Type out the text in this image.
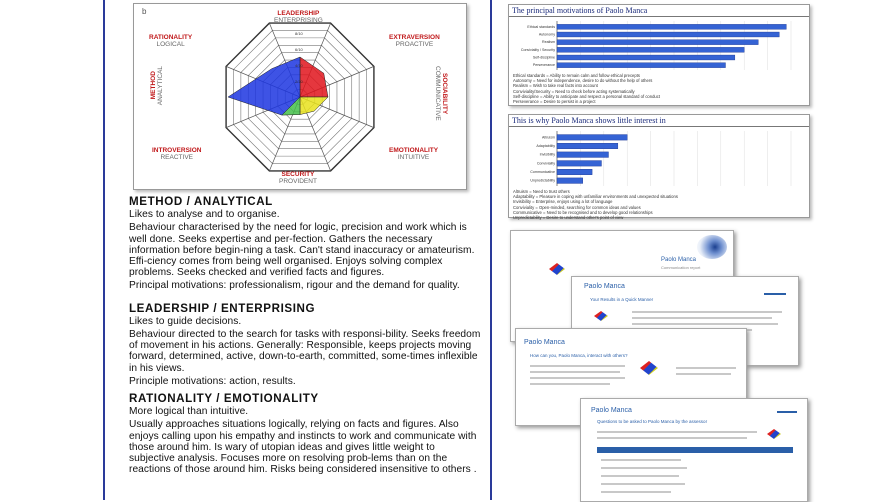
8/10
6/10
4/10
2/10
b	LEADERSHIP
ENTERPRISING
EXTRAVERSION
PROACTIVE
SOCIABILITY
COMMUNICATIVE
EMOTIONALITY
INTUITIVE
SECURITY
PROVIDENT
INTROVERSION
REACTIVE
METHOD ANALYTICAL
RATIONALITY
LOGICAL
METHOD / ANALYTICAL
Likes to analyse and to organise.
Behaviour characterised by the need for logic, precision and work which is well done. Seeks expertise and per-fection. Gathers the necessary information before begin-ning a task. Can't stand inaccuracy or amateurism. Effi-ciency comes from being well organised. Enjoys solving complex problems. Seeks checked and verified facts and figures.
Principal motivations: professionalism, rigour and the demand for quality.
LEADERSHIP / ENTERPRISING
Likes to guide decisions.
Behaviour directed to the search for tasks with responsi-bility. Seeks freedom of movement in his actions. Generally: Responsible, keeps projects moving forward, determined, active, down-to-earth, committed, some-times inflexible in his views.
Principle motivations: action, results.
RATIONALITY / EMOTIONALITY
More logical than intuitive.
Usually approaches situations logically, relying on facts and figures. Also enjoys calling upon his empathy and instincts to work and communicate with those around him. Is wary of utopian ideas and gives little weight to subjective analysis. Focuses more on resolving prob-lems than on the reactions of those around him. Risks being considered insensitive to others .
The principal motivations of Paolo Manca
Ethical standards
Autonomy
Realism
Conviviality / Security
Self-discipline
Perseverance
Ethical standards = Ability to remain calm and follow ethical precepts
Autonomy = Need for independence, desire to do without the help of others
Realism = Wish to take real facts into account
Conviviality/Security = Need to check before acting systematically
Self-discipline = Ability to anticipate and respect a personal standard of conduct
Perseverance = Desire to persist in a project
This is why Paolo Manca shows little interest in
Altruism
Adaptability
Invisibility
Conviviality
Communicative
Unpredictability
Altruism = Need to trust others
Adaptability = Pleasure in coping with unfamiliar environments and unexpected situations
Invisibility = Enterprise, enjoys using a lot of language
Conviviality = Open-minded, searching for common ideas and values
Communicative = Need to be recognised and to develop good relationships
Unpredictability = Desire to understand other's point of view
Paolo Manca
Communication report
Paolo Manca
Your Results in a Quick Manner
Paolo Manca
How can you, Paolo Manca, interact with others?
Paolo Manca
Questions to be asked to Paolo Manca by the assessor
